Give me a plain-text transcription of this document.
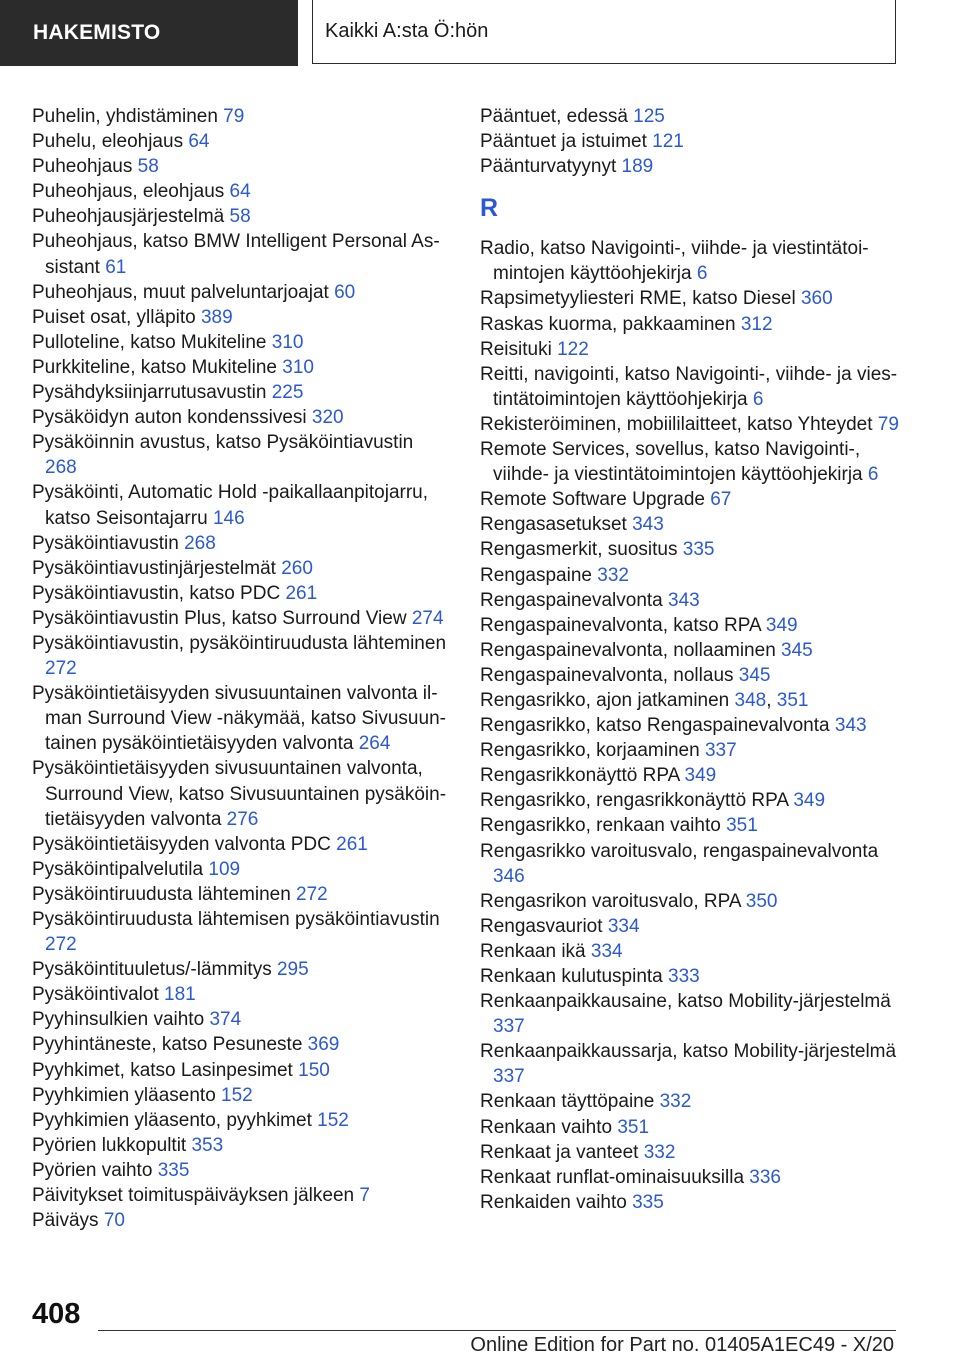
HAKEMISTO	Kaikki A:sta Ö:hön

Puhelin, yhdistäminen 79

Puhelu, eleohjaus 64

Puheohjaus 58

Puheohjaus, eleohjaus 64

Puheohjausjärjestelmä 58

Puheohjaus, katso BMW Intelligent Personal Assistant 61

Puheohjaus, muut palveluntarjoajat 60

Puiset osat, ylläpito 389

Pulloteline, katso Mukiteline 310

Purkkiteline, katso Mukiteline 310

Pysähdyksiinjarrutusavustin 225

Pysäköidyn auton kondenssivesi 320

Pysäköinnin avustus, katso Pysäköintiavustin 268

Pysäköinti, Automatic Hold -paikallaanpitojarru, katso Seisontajarru 146

Pysäköintiavustin 268

Pysäköintiavustinjärjestelmät 260

Pysäköintiavustin, katso PDC 261

Pysäköintiavustin Plus, katso Surround View 274

Pysäköintiavustin, pysäköintiruudusta lähteminen 272

Pysäköintietäisyyden sivusuuntainen valvonta ilman Surround View -näkymää, katso Sivusuuntainen pysäköintietäisyyden valvonta 264

Pysäköintietäisyyden sivusuuntainen valvonta, Surround View, katso Sivusuuntainen pysäköintietäisyyden valvonta 276

Pysäköintietäisyyden valvonta PDC 261

Pysäköintipalvelutila 109

Pysäköintiruudusta lähteminen 272

Pysäköintiruudusta lähtemisen pysäköintiavustin 272

Pysäköintituuletus/-lämmitys 295

Pysäköintivalot 181

Pyyhinsulkien vaihto 374

Pyyhintäneste, katso Pesuneste 369

Pyyhkimet, katso Lasinpesimet 150

Pyyhkimien yläasento 152

Pyyhkimien yläasento, pyyhkimet 152

Pyörien lukkopultit 353

Pyörien vaihto 335

Päivitykset toimituspäiväyksen jälkeen 7

Päiväys 70

Pääntuet, edessä 125

Pääntuet ja istuimet 121

Päänturvatyynyt 189

R

Radio, katso Navigointi-, viihde- ja viestintätoimintojen käyttöohjekirja 6

Rapsimetyyliesteri RME, katso Diesel 360

Raskas kuorma, pakkaaminen 312

Reisituki 122

Reitti, navigointi, katso Navigointi-, viihde- ja viestintätoimintojen käyttöohjekirja 6

Rekisteröiminen, mobiililaitteet, katso Yhteydet 79

Remote Services, sovellus, katso Navigointi-, viihde- ja viestintätoimintojen käyttöohjekirja 6

Remote Software Upgrade 67

Rengasasetukset 343

Rengasmerkit, suositus 335

Rengaspaine 332

Rengaspainevalvonta 343

Rengaspainevalvonta, katso RPA 349

Rengaspainevalvonta, nollaaminen 345

Rengaspainevalvonta, nollaus 345

Rengasrikko, ajon jatkaminen 348, 351

Rengasrikko, katso Rengaspainevalvonta 343

Rengasrikko, korjaaminen 337

Rengasrikkonäyttö RPA 349

Rengasrikko, rengasrikkonäyttö RPA 349

Rengasrikko, renkaan vaihto 351

Rengasrikko varoitusvalo, rengaspainevalvonta 346

Rengasrikon varoitusvalo, RPA 350

Rengasvauriot 334

Renkaan ikä 334

Renkaan kulutuspinta 333

Renkaanpaikkausaine, katso Mobility-järjestelmä 337

Renkaanpaikkaussarja, katso Mobility-järjestelmä 337

Renkaan täyttöpaine 332

Renkaan vaihto 351

Renkaat ja vanteet 332

Renkaat runflat-ominaisuuksilla 336

Renkaiden vaihto 335

408
Online Edition for Part no. 01405A1EC49 - X/20
